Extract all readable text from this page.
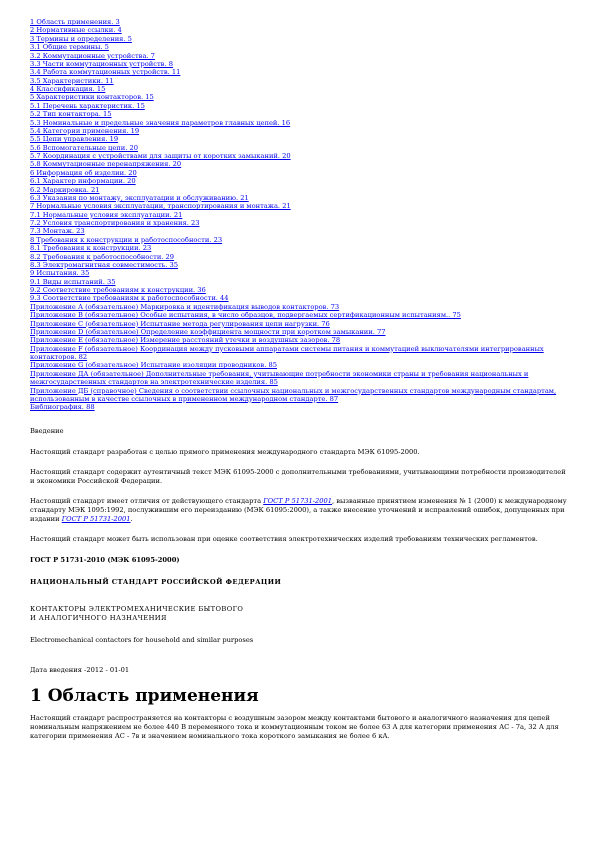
1 Область применения. 3
2 Нормативные ссылки. 4
3 Термины и определения. 5
3.1 Общие термины. 5
3.2 Коммутационные устройства. 7
3.3 Части коммутационных устройств. 8
3.4 Работа коммутационных устройств. 11
3.5 Характеристики. 11
4 Классификация. 15
5 Характеристики контакторов. 15
5.1 Перечень характеристик. 15
5.2 Тип контактора. 15
5.3 Номинальные и предельные значения параметров главных цепей. 16
5.4 Категории применения. 19
5.5 Цепи управления. 19
5.6 Вспомогательные цепи. 20
5.7 Координация с устройствами для защиты от коротких замыканий. 20
5.8 Коммутационные перенапряжения. 20
6 Информация об изделии. 20
6.1 Характер информации. 20
6.2 Маркировка. 21
6.3 Указания по монтажу, эксплуатации и обслуживанию. 21
7 Нормальные условия эксплуатации, транспортирования и монтажа. 21
7.1 Нормальные условия эксплуатации. 21
7.2 Условия транспортирования и хранения. 23
7.3 Монтаж. 23
8 Требования к конструкции и работоспособности. 23
8.1 Требования к конструкции. 23
8.2 Требования к работоспособности. 29
8.3 Электромагнитная совместимость. 35
9 Испытания. 35
9.1 Виды испытаний. 35
9.2 Соответствие требованиям к конструкции. 36
9.3 Соответствие требованиям к работоспособности. 44
Приложение А (обязательное) Маркировка и идентификация выводов контакторов. 73
Приложение В (обязательное) Особые испытания, в число образцов, подвергаемых сертификационным испытаниям.. 75
Приложение С (обязательное) Испытание метода регулирования цепи нагрузки. 76
Приложение D (обязательное) Определение коэффициента мощности при коротком замыкании. 77
Приложение E (обязательное) Измерение расстояний утечки и воздушных зазоров. 78
Приложение F (обязательное) Координация между пусковыми аппаратами системы питания и коммутацией выключателями интегрированных контакторов. 82
Приложение G (обязательное) Испытание изоляции проводников. 85
Приложение ДА (обязательное) Дополнительные требования, учитывающие потребности экономики страны и требования национальных и межгосударственных стандартов на электротехнические изделия. 85
Приложение ДБ (справочное) Сведения о соответствии ссылочных национальных и межгосударственных стандартов международным стандартам, использованным в качестве ссылочных в примененном международном стандарте. 87
Библиография. 88

Введение

Настоящий стандарт разработан с целью прямого применения международного стандарта МЭК 61095-2000.

Настоящий стандарт содержит аутентичный текст МЭК 61095-2000 с дополнительными требованиями, учитывающими потребности производителей и экономики Российской Федерации.

Настоящий стандарт имеет отличия от действующего стандарта ГОСТ Р 51731-2001, вызванные принятием изменения № 1 (2000) к международному стандарту МЭК 1095:1992, послужившим его переизданию (МЭК 61095:2000), а также внесение уточнений и исправлений ошибок, допущенных при издании ГОСТ Р 51731-2001.

Настоящий стандарт может быть использован при оценке соответствия электротехнических изделий требованиям технических регламентов.

ГОСТ Р 51731-2010 (МЭК 61095-2000)

НАЦИОНАЛЬНЫЙ СТАНДАРТ РОССИЙСКОЙ ФЕДЕРАЦИИ

КОНТАКТОРЫ ЭЛЕКТРОМЕХАНИЧЕСКИЕ БЫТОВОГО
И АНАЛОГИЧНОГО НАЗНАЧЕНИЯ

Electromechanical contactors for household and similar purposes

Дата введения -2012 - 01-01

1 Область применения

Настоящий стандарт распространяется на контакторы с воздушным зазором между контактами бытового и аналогичного назначения для цепей номинальным напряжением не более 440 В переменного тока и коммутационным током не более 63 А для категории применения АС - 7а, 32 А для категории применения АС - 7в и значением номинального тока короткого замыкания не более 6 кА.
